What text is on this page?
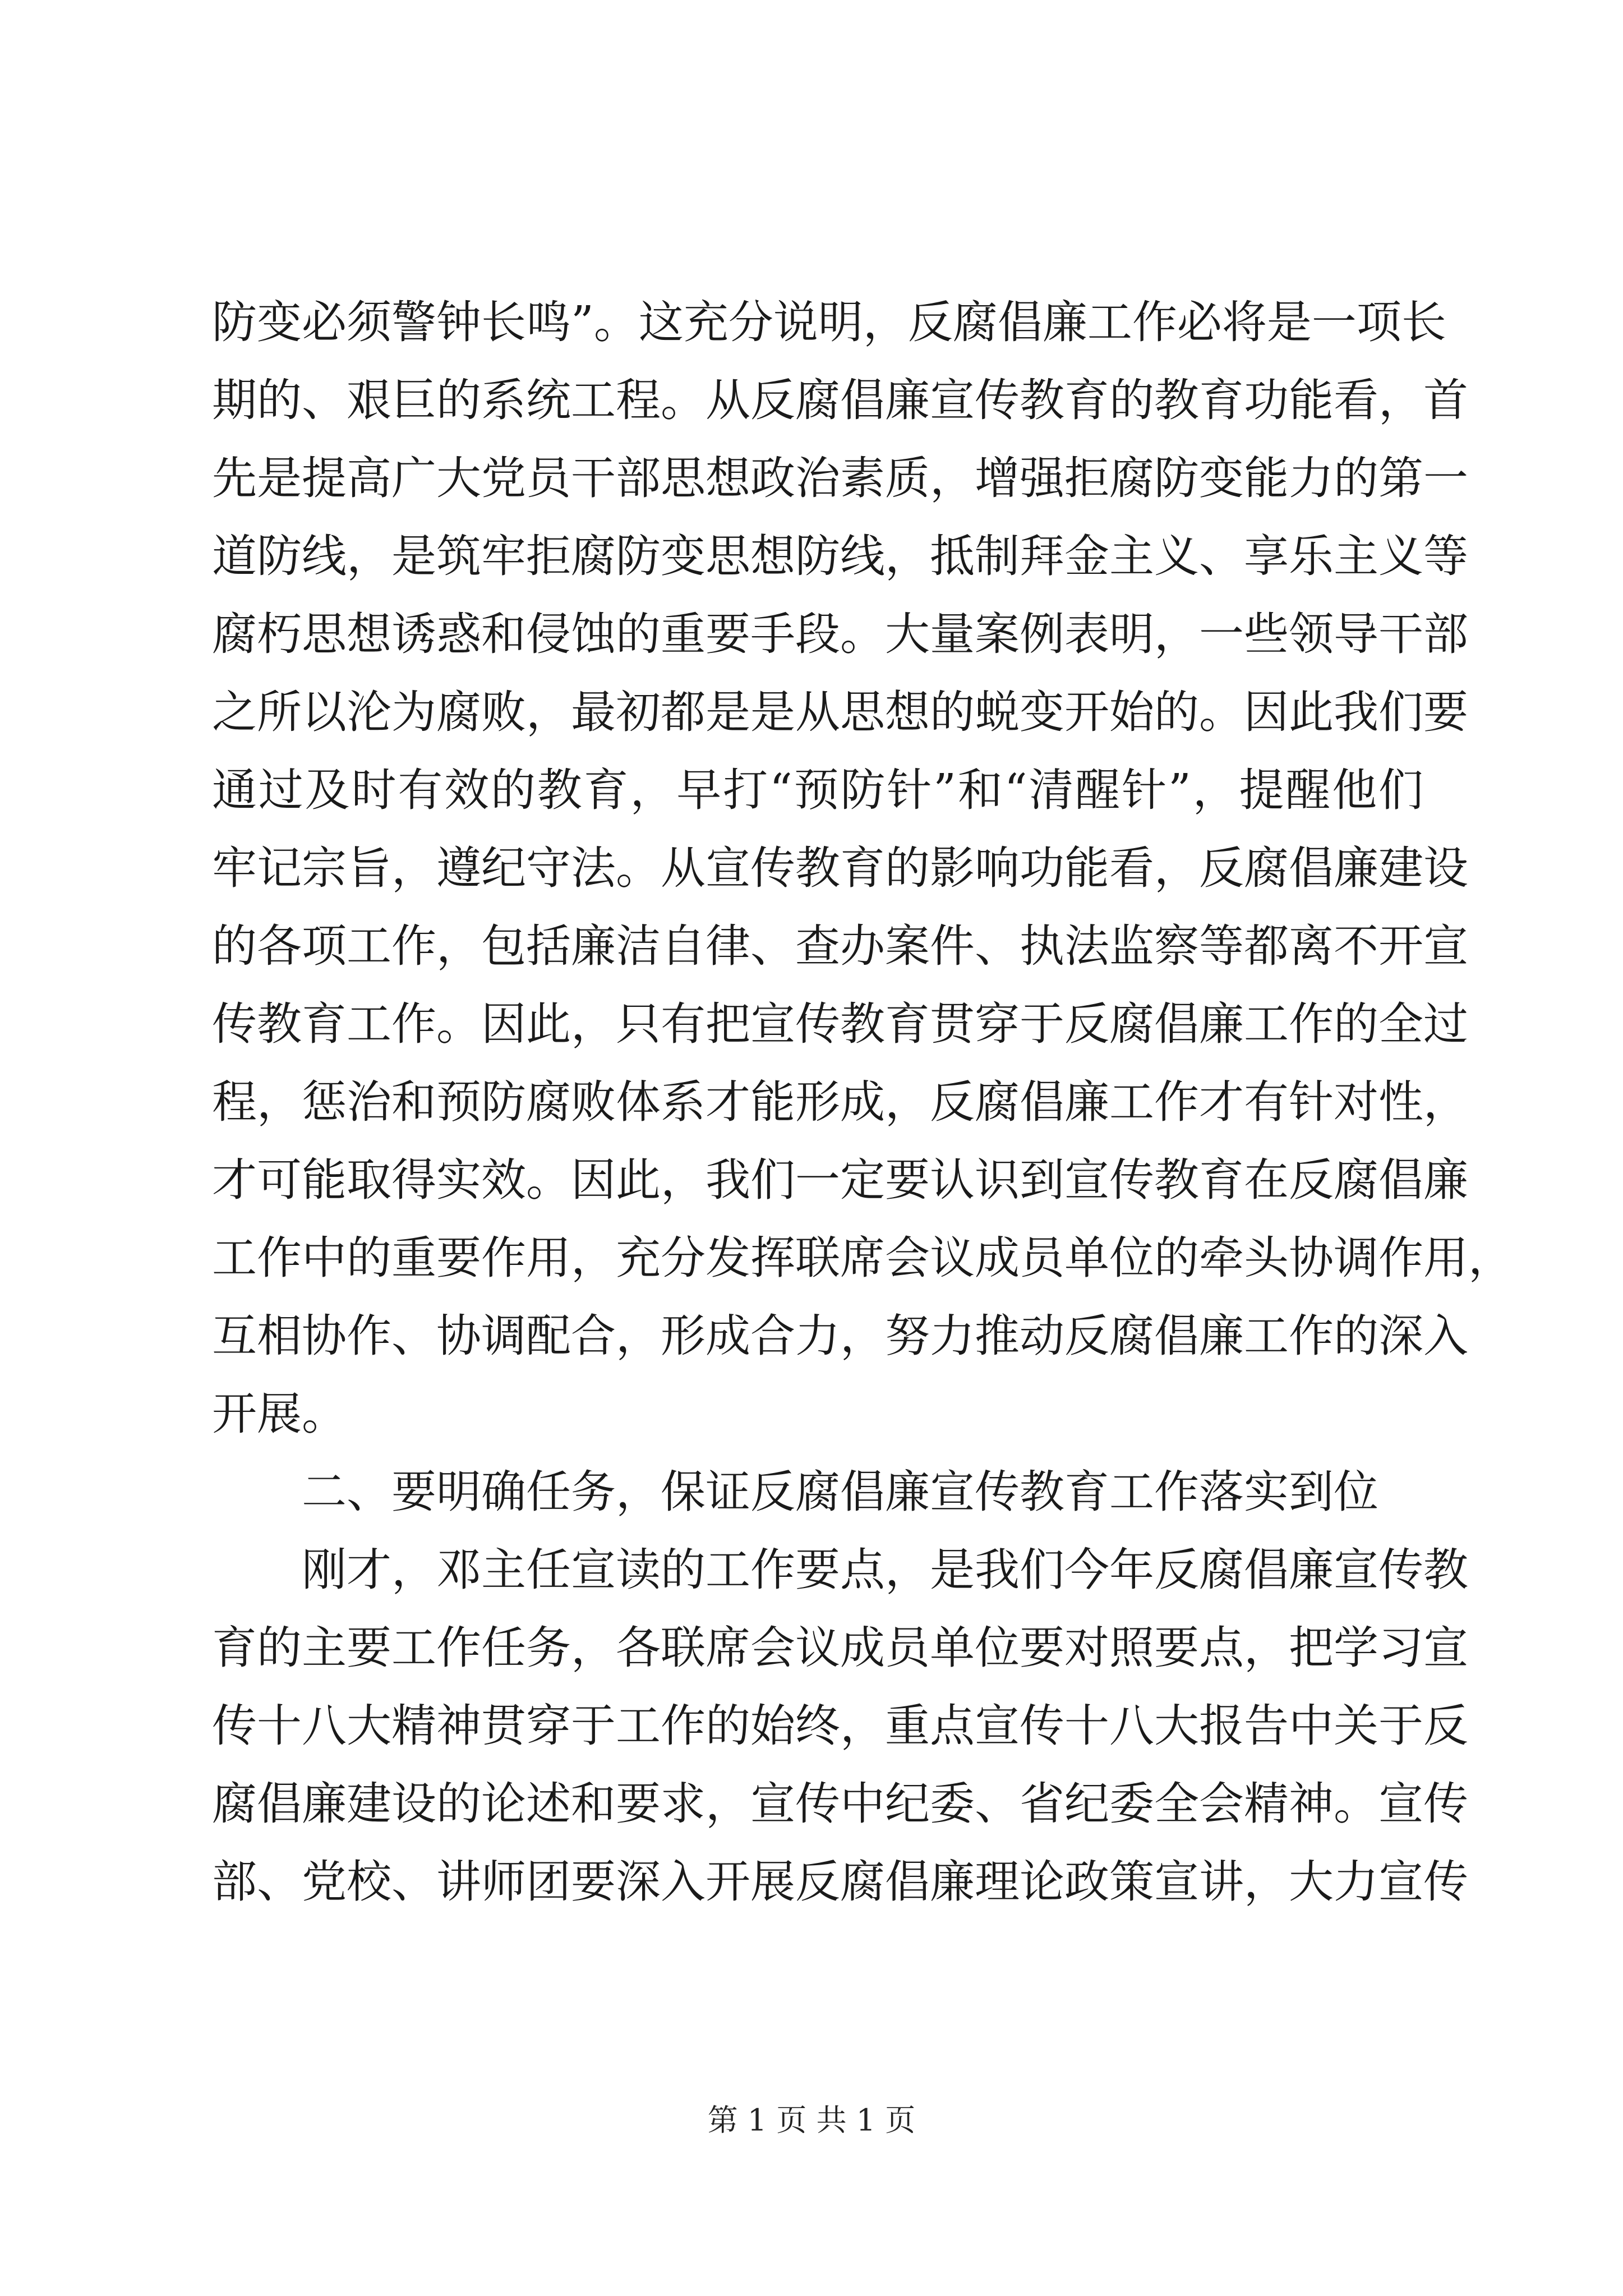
防变必须警钟长鸣”。这充分说明，反腐倡廉工作必将是一项长
期的、艰巨的系统工程。从反腐倡廉宣传教育的教育功能看，首
先是提高广大党员干部思想政治素质，增强拒腐防变能力的第一
道防线，是筑牢拒腐防变思想防线，抵制拜金主义、享乐主义等
腐朽思想诱惑和侵蚀的重要手段。大量案例表明，一些领导干部
之所以沦为腐败，最初都是是从思想的蜕变开始的。因此我们要
通过及时有效的教育，早打“预防针”和“清醒针”，提醒他们
牢记宗旨，遵纪守法。从宣传教育的影响功能看，反腐倡廉建设
的各项工作，包括廉洁自律、查办案件、执法监察等都离不开宣
传教育工作。因此，只有把宣传教育贯穿于反腐倡廉工作的全过
程，惩治和预防腐败体系才能形成，反腐倡廉工作才有针对性，
才可能取得实效。因此，我们一定要认识到宣传教育在反腐倡廉
工作中的重要作用，充分发挥联席会议成员单位的牵头协调作用，
互相协作、协调配合，形成合力，努力推动反腐倡廉工作的深入
开展。
二、要明确任务，保证反腐倡廉宣传教育工作落实到位
刚才，邓主任宣读的工作要点，是我们今年反腐倡廉宣传教
育的主要工作任务，各联席会议成员单位要对照要点，把学习宣
传十八大精神贯穿于工作的始终，重点宣传十八大报告中关于反
腐倡廉建设的论述和要求，宣传中纪委、省纪委全会精神。宣传
部、党校、讲师团要深入开展反腐倡廉理论政策宣讲，大力宣传
第 1 页 共 1 页
